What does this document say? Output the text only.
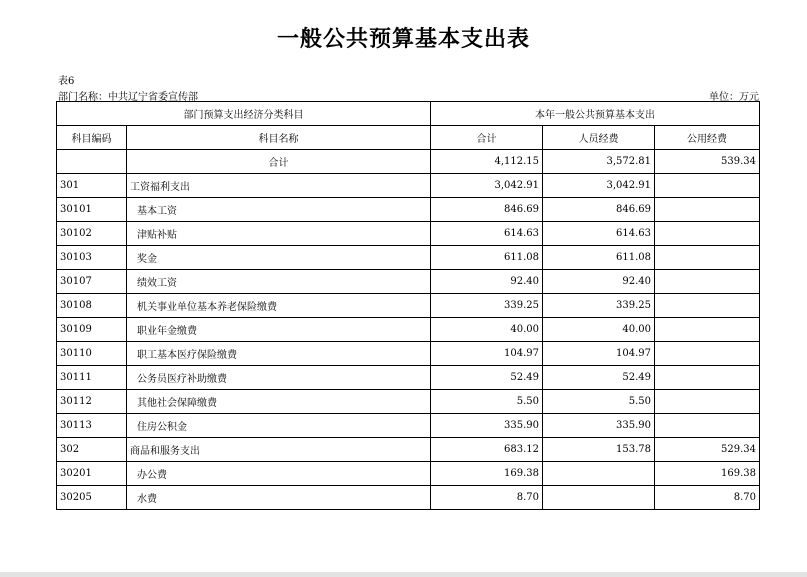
一般公共预算基本支出表
表6
部门名称：中共辽宁省委宣传部	单位：万元
部门预算支出经济分类科目		本年一般公共预算基本支出		
科目编码	科目名称	合计	人员经费	公用经费
	合计	4,112.15	3,572.81	539.34
301	工资福利支出	3,042.91	3,042.91	
30101	基本工资	846.69	846.69	
30102	津贴补贴	614.63	614.63	
30103	奖金	611.08	611.08	
30107	绩效工资	92.40	92.40	
30108	机关事业单位基本养老保险缴费	339.25	339.25	
30109	职业年金缴费	40.00	40.00	
30110	职工基本医疗保险缴费	104.97	104.97	
30111	公务员医疗补助缴费	52.49	52.49	
30112	其他社会保障缴费	5.50	5.50	
30113	住房公积金	335.90	335.90	
302	商品和服务支出	683.12	153.78	529.34
30201	办公费	169.38		169.38
30205	水费	8.70		8.70
